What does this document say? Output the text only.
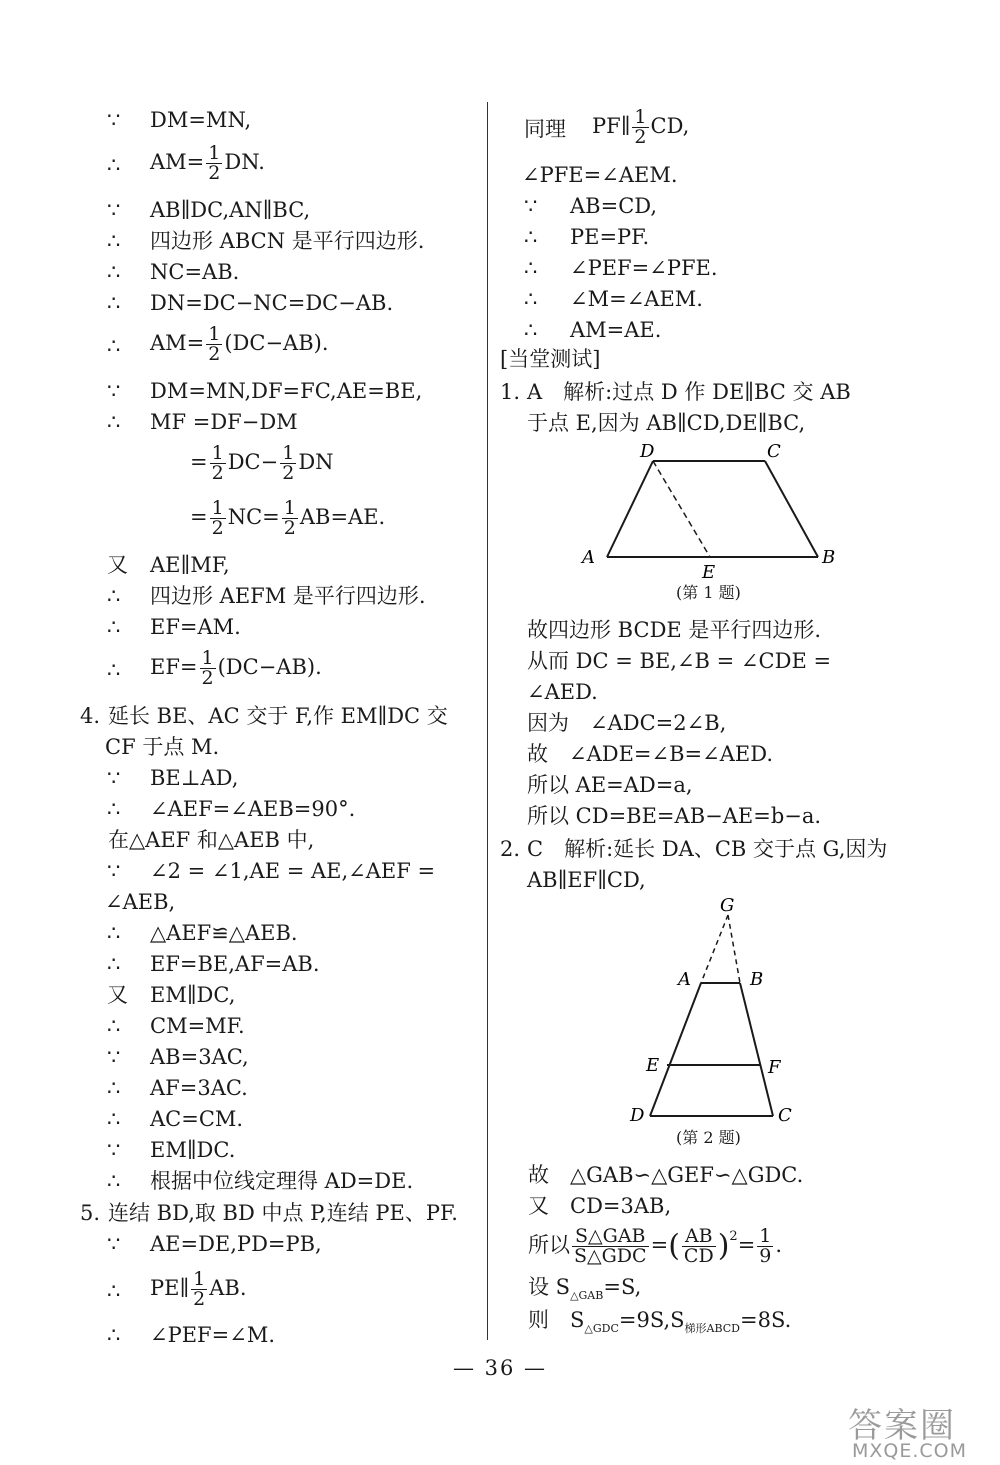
∵ DM=MN,
∴ $AM= \frac{1}{2}$ DN.
∵ AB∥DC,AN∥BC,
∴ 四边形 ABCN 是平行四边形.
∴ NC=AB.
∴ DN=DC−NC=DC−AB.
∴ $AM= \frac{1}{2} (DC-AB)$.
∵ DM=MN,DF=FC,AE=BE,
∴ MF =DF−DM
= $\frac{1}{2} DC- \frac{1}{2}$ DN
= $\frac{1}{2} NC= \frac{1}{2} AB=AE$.
又 AE∥MF,
∴ 四边形 AEFM 是平行四边形.
∴ EF=AM.
∴ $EF= \frac{1}{2} (DC-AB)$.
4. 延长 BE、AC 交于 F,作 EM∥DC 交
CF 于点 M.
∵ BE⊥AD,
∴ ∠AEF=∠AEB=90°.
在△AEF 和△AEB 中,
∵ ∠2 = ∠1,AE = AE,∠AEF =
∠AEB,
∴ △AEF≌△AEB.
∴ EF=BE,AF=AB.
又 EM∥DC,
∴ CM=MF.
∵ AB=3AC,
∴ AF=3AC.
∴ AC=CM.
∵ EM∥DC.
∴ 根据中位线定理得 AD=DE.
5. 连结 BD,取 BD 中点 P,连结 PE、PF.
∵ AE=DE,PD=PB,
∴ PE∥ $\frac{1}{2}$ AB.
∴ ∠PEF=∠M.
同理 PF∥ $\frac{1}{2}$ CD,
∠PFE=∠AEM.
∵ AB=CD,
∴ PE=PF.
∴ ∠PEF=∠PFE.
∴ ∠M=∠AEM.
∴ AM=AE.
[当堂测试]
1. A　解析:过点 D 作 DE∥BC 交 AB
于点 E,因为 AB∥CD,DE∥BC,
故四边形 BCDE 是平行四边形.
从而 DC = BE,∠B = ∠CDE =
∠AED.
因为　∠ADC=2∠B,
故　∠ADE=∠B=∠AED.
所以 AE=AD=a,
所以 CD=BE=AB−AE=b−a.
2. C　解析:延长 DA、CB 交于点 G,因为
AB∥EF∥CD,
故　△GAB∽△GEF∽△GDC.
又　CD=3AB,
所以 $\frac{\text{S△GAB}}{\text{S△GDC}}$ =( $\frac{AB}{CD} )^2= \frac{1}{9}$ .
设 $S_{\triangle GAB}=S$,
则　$S_{\triangle GDC}=9S,S_{梯形ABCD}=8S$.
D	C
A	B
E
(第 1 题)
G
A	B
E	F
D	C
(第 2 题)
— 36 —
答案圈
MXQE.COM
